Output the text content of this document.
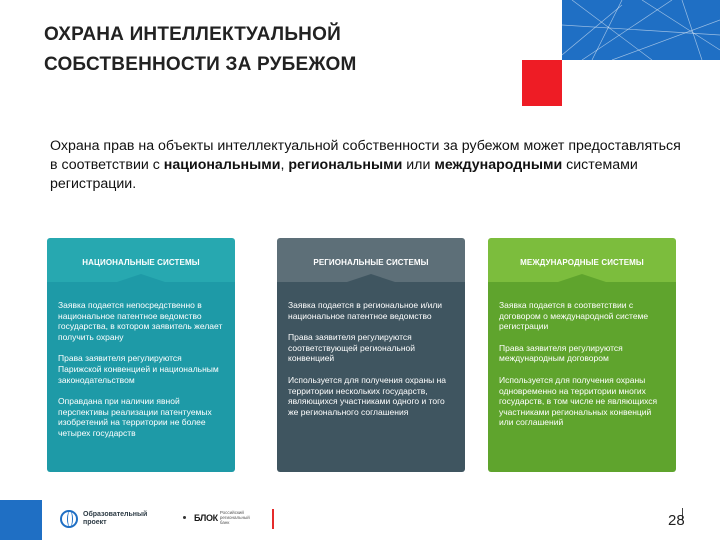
ОХРАНА ИНТЕЛЛЕКТУАЛЬНОЙ
СОБСТВЕННОСТИ ЗА РУБЕЖОМ
Охрана прав на объекты интеллектуальной собственности за рубежом может предоставляться в соответствии с национальными, региональными или международными системами регистрации.
НАЦИОНАЛЬНЫЕ СИСТЕМЫ

Заявка подается непосредственно в национальное патентное ведомство государства, в котором заявитель желает получить охрану

Права заявителя регулируются Парижской конвенцией и национальным законодательством

Оправдана при наличии явной перспективы реализации патентуемых изобретений на территории не более четырех государств

РЕГИОНАЛЬНЫЕ СИСТЕМЫ

Заявка подается в региональное и/или национальное патентное ведомство

Права заявителя регулируются соответствующей региональной конвенцией

Используется для получения охраны на территории нескольких государств, являющихся участниками одного и того же регионального соглашения

МЕЖДУНАРОДНЫЕ СИСТЕМЫ

Заявка подается в соответствии с договором о международной системе регистрации

Права заявителя регулируются международным договором

Используется для получения охраны одновременно на территории многих государств, в том числе не являющихся участниками региональных конвенций или соглашений

Образовательный проект	БЛОК Российский региональный банк	28
